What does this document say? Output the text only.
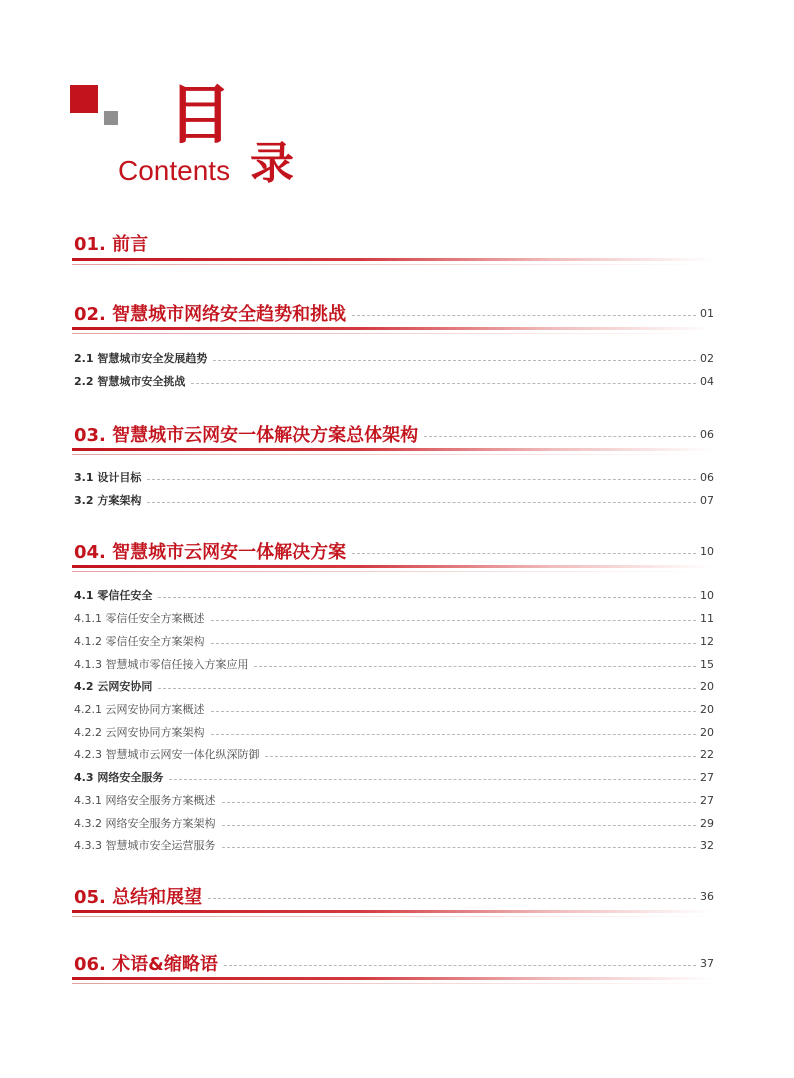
目
Contents 录
01. 前言
02. 智慧城市网络安全趋势和挑战	01
2.1 智慧城市安全发展趋势	02
2.2 智慧城市安全挑战	04
03. 智慧城市云网安一体解决方案总体架构	06
3.1 设计目标	06
3.2 方案架构	07
04. 智慧城市云网安一体解决方案	10
4.1 零信任安全	10
4.1.1 零信任安全方案概述	11
4.1.2 零信任安全方案架构	12
4.1.3 智慧城市零信任接入方案应用	15
4.2 云网安协同	20
4.2.1 云网安协同方案概述	20
4.2.2 云网安协同方案架构	20
4.2.3 智慧城市云网安一体化纵深防御	22
4.3 网络安全服务	27
4.3.1 网络安全服务方案概述	27
4.3.2 网络安全服务方案架构	29
4.3.3 智慧城市安全运营服务	32
05. 总结和展望	36
06. 术语&缩略语	37
